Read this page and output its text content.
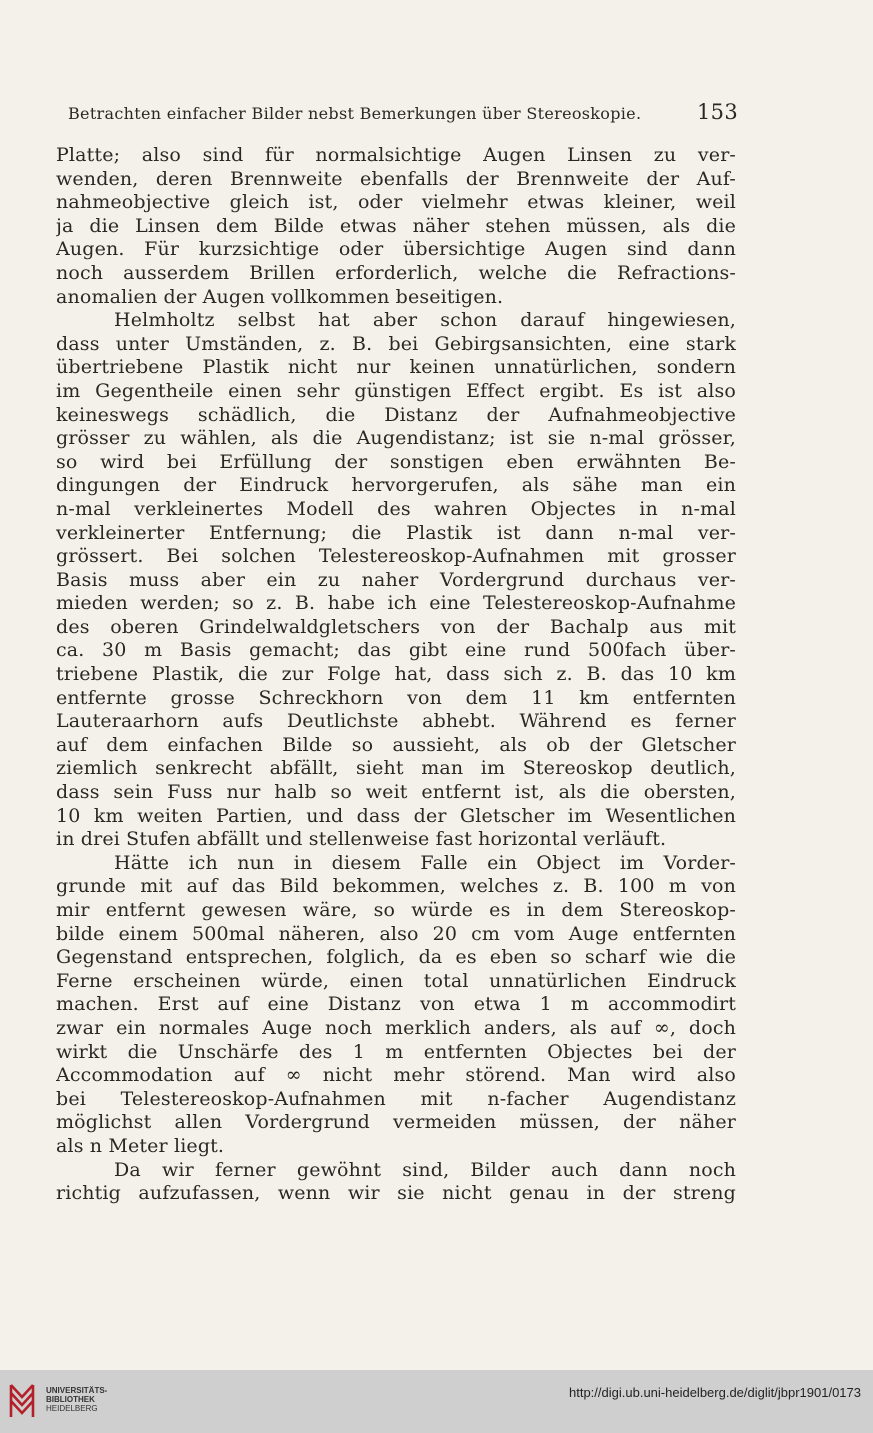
Betrachten einfacher Bilder nebst Bemerkungen über Stereoskopie.	153
Platte; also sind für normalsichtige Augen Linsen zu ver-
wenden, deren Brennweite ebenfalls der Brennweite der Auf-
nahmeobjective gleich ist, oder vielmehr etwas kleiner, weil
ja die Linsen dem Bilde etwas näher stehen müssen, als die
Augen. Für kurzsichtige oder übersichtige Augen sind dann
noch ausserdem Brillen erforderlich, welche die Refractions-
anomalien der Augen vollkommen beseitigen.
Helmholtz selbst hat aber schon darauf hingewiesen,
dass unter Umständen, z. B. bei Gebirgsansichten, eine stark
übertriebene Plastik nicht nur keinen unnatürlichen, sondern
im Gegentheile einen sehr günstigen Effect ergibt. Es ist also
keineswegs schädlich, die Distanz der Aufnahmeobjective
grösser zu wählen, als die Augendistanz; ist sie n-mal grösser,
so wird bei Erfüllung der sonstigen eben erwähnten Be-
dingungen der Eindruck hervorgerufen, als sähe man ein
n-mal verkleinertes Modell des wahren Objectes in n-mal
verkleinerter Entfernung; die Plastik ist dann n-mal ver-
grössert. Bei solchen Telestereoskop-Aufnahmen mit grosser
Basis muss aber ein zu naher Vordergrund durchaus ver-
mieden werden; so z. B. habe ich eine Telestereoskop-Aufnahme
des oberen Grindelwaldgletschers von der Bachalp aus mit
ca. 30 m Basis gemacht; das gibt eine rund 500fach über-
triebene Plastik, die zur Folge hat, dass sich z. B. das 10 km
entfernte grosse Schreckhorn von dem 11 km entfernten
Lauteraarhorn aufs Deutlichste abhebt. Während es ferner
auf dem einfachen Bilde so aussieht, als ob der Gletscher
ziemlich senkrecht abfällt, sieht man im Stereoskop deutlich,
dass sein Fuss nur halb so weit entfernt ist, als die obersten,
10 km weiten Partien, und dass der Gletscher im Wesentlichen
in drei Stufen abfällt und stellenweise fast horizontal verläuft.
Hätte ich nun in diesem Falle ein Object im Vorder-
grunde mit auf das Bild bekommen, welches z. B. 100 m von
mir entfernt gewesen wäre, so würde es in dem Stereoskop-
bilde einem 500mal näheren, also 20 cm vom Auge entfernten
Gegenstand entsprechen, folglich, da es eben so scharf wie die
Ferne erscheinen würde, einen total unnatürlichen Eindruck
machen. Erst auf eine Distanz von etwa 1 m accommodirt
zwar ein normales Auge noch merklich anders, als auf ∞, doch
wirkt die Unschärfe des 1 m entfernten Objectes bei der
Accommodation auf ∞ nicht mehr störend. Man wird also
bei Telestereoskop-Aufnahmen mit n-facher Augendistanz
möglichst allen Vordergrund vermeiden müssen, der näher
als n Meter liegt.
Da wir ferner gewöhnt sind, Bilder auch dann noch
richtig aufzufassen, wenn wir sie nicht genau in der streng
UNIVERSITÄTS-
BIBLIOTHEK
HEIDELBERG
http://digi.ub.uni-heidelberg.de/diglit/jbpr1901/0173
